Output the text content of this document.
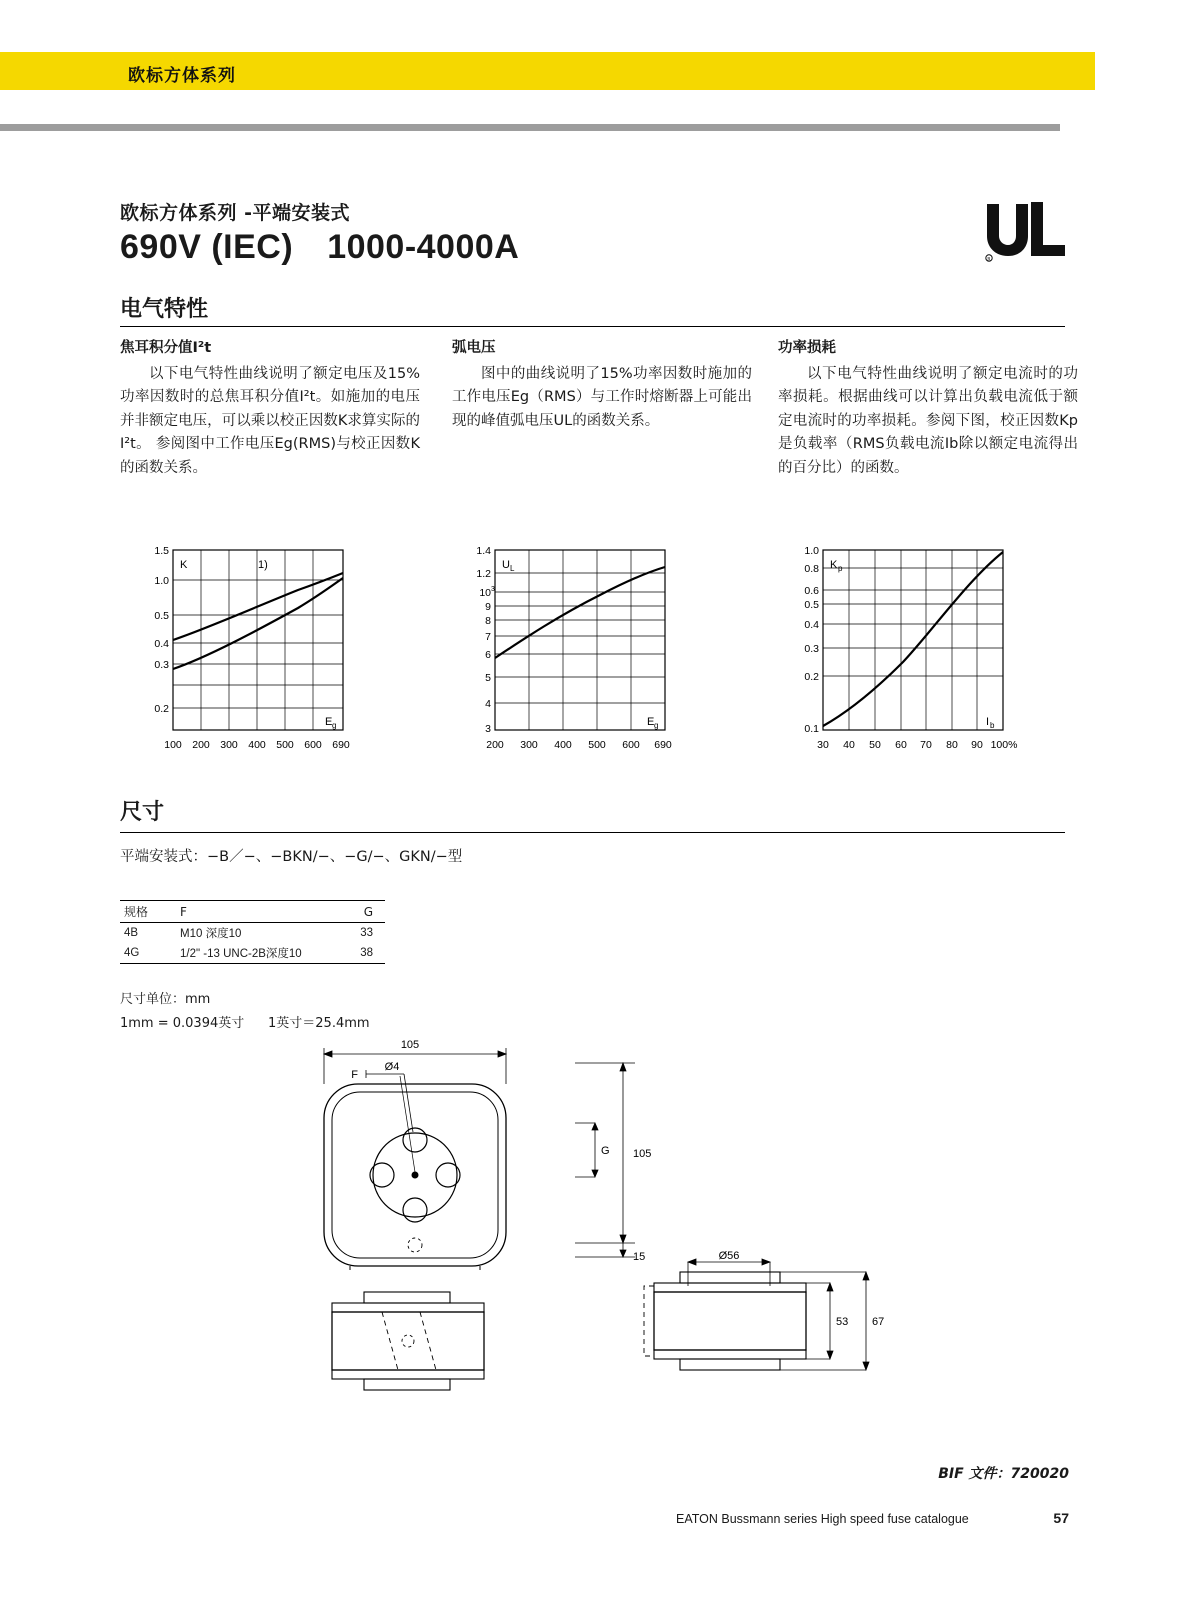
欧标方体系列
欧标方体系列 -平端安装式
690V (IEC) 1000-4000A	R
电气特性
焦耳积分值I²t
以下电气特性曲线说明了额定电压及15%功率因数时的总焦耳积分值I²t。如施加的电压并非额定电压，可以乘以校正因数K求算实际的I²t。 参阅图中工作电压Eg(RMS)与校正因数K的函数关系。
弧电压
图中的曲线说明了15%功率因数时施加的工作电压Eg（RMS）与工作时熔断器上可能出现的峰值弧电压UL的函数关系。
功率损耗
以下电气特性曲线说明了额定电流时的功率损耗。根据曲线可以计算出负载电流低于额定电流时的功率损耗。参阅下图，校正因数Kp是负载率（RMS负载电流Ib除以额定电流得出的百分比）的函数。
1.5
1.0
0.5
0.4
0.3
0.2
100 200 300 400 500 600 690
K	1)
E g
1.4
1.2
10
9
8
7
6
5
4
3
3
200 300 400 500 600 690
U L
E g
1.0
0.8
0.6
0.5
0.4
0.3
0.2
0.1
30 40 50 60 70 80 90 100%
K p
I b
尺寸
平端安装式：−B／−、−BKN/−、−G/−、GKN/−型
规格	F	G
4B	M10 深度10	33
4G	1/2" -13 UNC-2B深度10	38
尺寸单位：mm
1mm = 0.0394英寸 1英寸＝25.4mm
105
F
Ø4
105
15
G
Ø56
53 67
BIF 文件：720020
EATON Bussmann series High speed fuse catalogue	57
